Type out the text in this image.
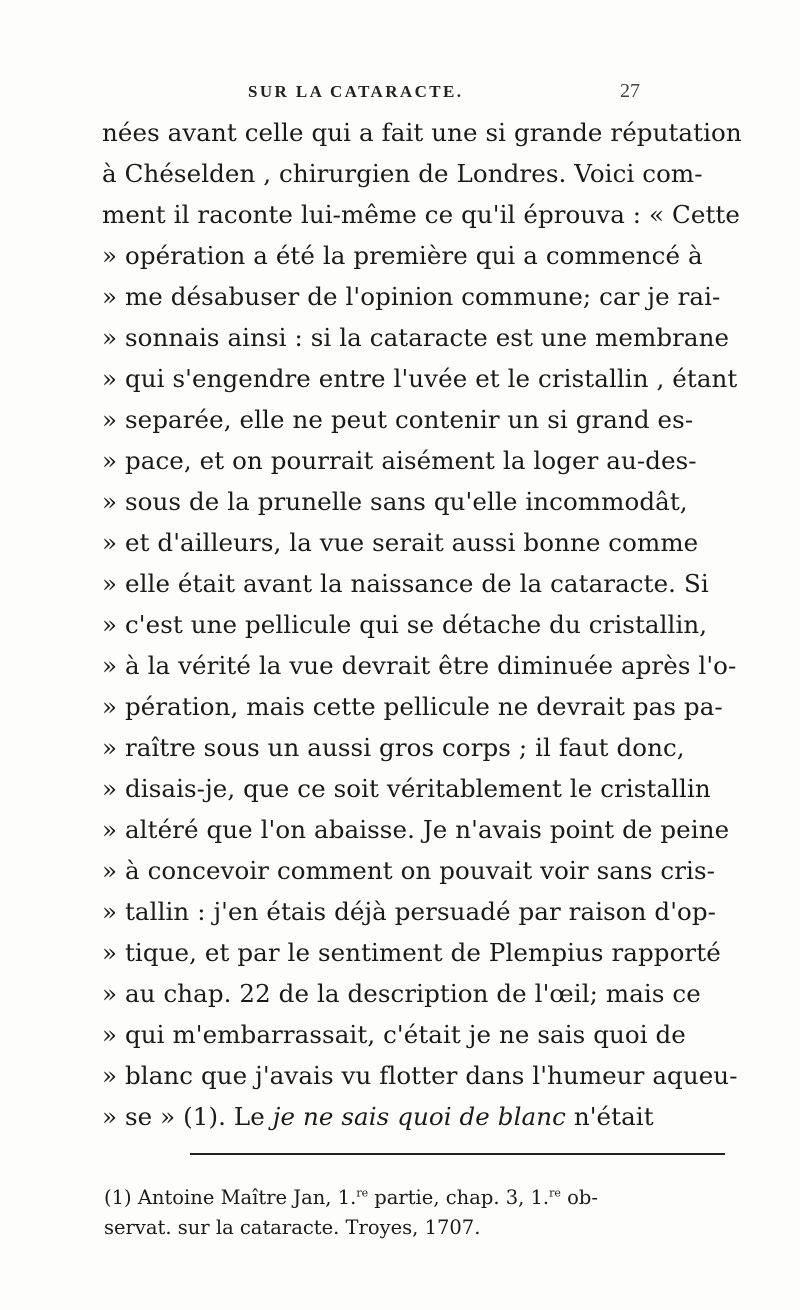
SUR LA CATARACTE.	27
nées avant celle qui a fait une si grande réputation
à Chéselden , chirurgien de Londres. Voici com-
ment il raconte lui-même ce qu'il éprouva : « Cette
» opération a été la première qui a commencé à
» me désabuser de l'opinion commune; car je rai-
» sonnais ainsi : si la cataracte est une membrane
» qui s'engendre entre l'uvée et le cristallin , étant
» separée, elle ne peut contenir un si grand es-
» pace, et on pourrait aisément la loger au-des-
» sous de la prunelle sans qu'elle incommodât,
» et d'ailleurs, la vue serait aussi bonne comme
» elle était avant la naissance de la cataracte. Si
» c'est une pellicule qui se détache du cristallin,
» à la vérité la vue devrait être diminuée après l'o-
» pération, mais cette pellicule ne devrait pas pa-
» raître sous un aussi gros corps ; il faut donc,
» disais-je, que ce soit véritablement le cristallin
» altéré que l'on abaisse. Je n'avais point de peine
» à concevoir comment on pouvait voir sans cris-
» tallin : j'en étais déjà persuadé par raison d'op-
» tique, et par le sentiment de Plempius rapporté
» au chap. 22 de la description de l'œil; mais ce
» qui m'embarrassait, c'était je ne sais quoi de
» blanc que j'avais vu flotter dans l'humeur aqueu-
» se » (1). Le je ne sais quoi de blanc n'était
(1) Antoine Maître Jan, 1.$^{re}$ partie, chap. 3, 1.$^{re}$ ob-
servat. sur la cataracte. Troyes, 1707.
